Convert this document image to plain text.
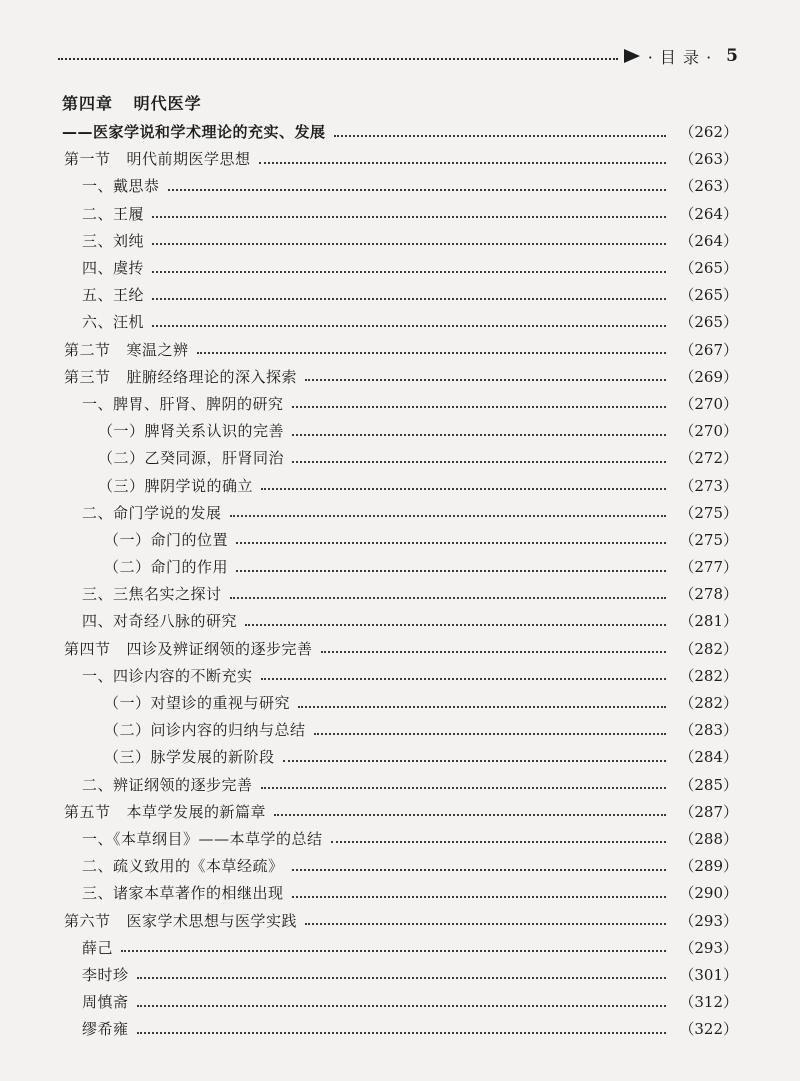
· 目 录 · 5
第四章 明代医学
——医家学说和学术理论的充实、发展	（262）
第一节 明代前期医学思想	（263）
一、戴思恭	（263）
二、王履	（264）
三、刘纯	（264）
四、虞抟	（265）
五、王纶	（265）
六、汪机	（265）
第二节 寒温之辨	（267）
第三节 脏腑经络理论的深入探索	（269）
一、脾胃、肝肾、脾阴的研究	（270）
（一）脾肾关系认识的完善	（270）
（二）乙癸同源，肝肾同治	（272）
（三）脾阴学说的确立	（273）
二、命门学说的发展	（275）
（一）命门的位置	（275）
（二）命门的作用	（277）
三、三焦名实之探讨	（278）
四、对奇经八脉的研究	（281）
第四节 四诊及辨证纲领的逐步完善	（282）
一、四诊内容的不断充实	（282）
（一）对望诊的重视与研究	（282）
（二）问诊内容的归纳与总结	（283）
（三）脉学发展的新阶段	（284）
二、辨证纲领的逐步完善	（285）
第五节 本草学发展的新篇章	（287）
一、《本草纲目》——本草学的总结	（288）
二、疏义致用的《本草经疏》	（289）
三、诸家本草著作的相继出现	（290）
第六节 医家学术思想与医学实践	（293）
薛己	（293）
李时珍	（301）
周慎斋	（312）
缪希雍	（322）
